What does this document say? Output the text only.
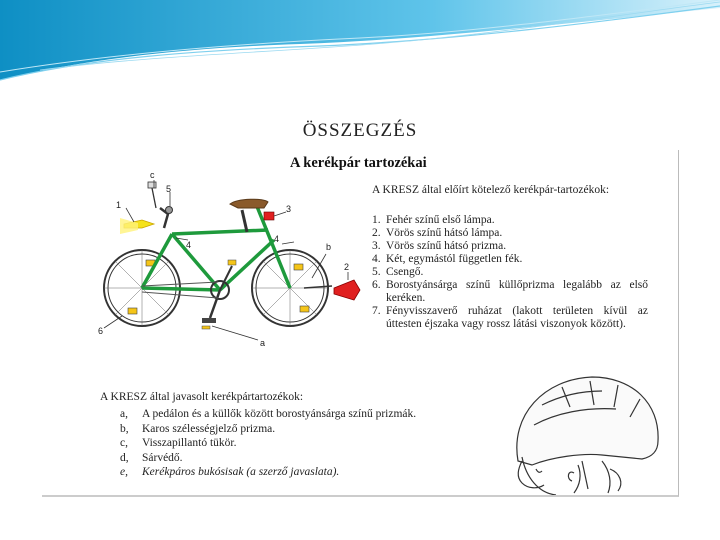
ÖSSZEGZÉS
A kerékpár tartozékai
c
5
1
4
3
4
b
2
6
a
A KRESZ által előírt kötelező kerékpár-tartozékok:
1. Fehér színű első lámpa.
2. Vörös színű hátsó lámpa.
3. Vörös színű hátsó prizma.
4. Két, egymástól független fék.
5. Csengő.
6. Borostyánsárga színű küllőprizma legalább az első keréken.
7. Fényvisszaverő ruházat (lakott területen kívül az úttesten éjszaka vagy rossz látási viszonyok között).
A KRESZ által javasolt kerékpártartozékok:
a,	A pedálon és a küllők között borostyánsárga színű prizmák.
b,	Karos szélességjelző prizma.
c,	Visszapillantó tükör.
d,	Sárvédő.
e,	Kerékpáros bukósisak (a szerző javaslata).
